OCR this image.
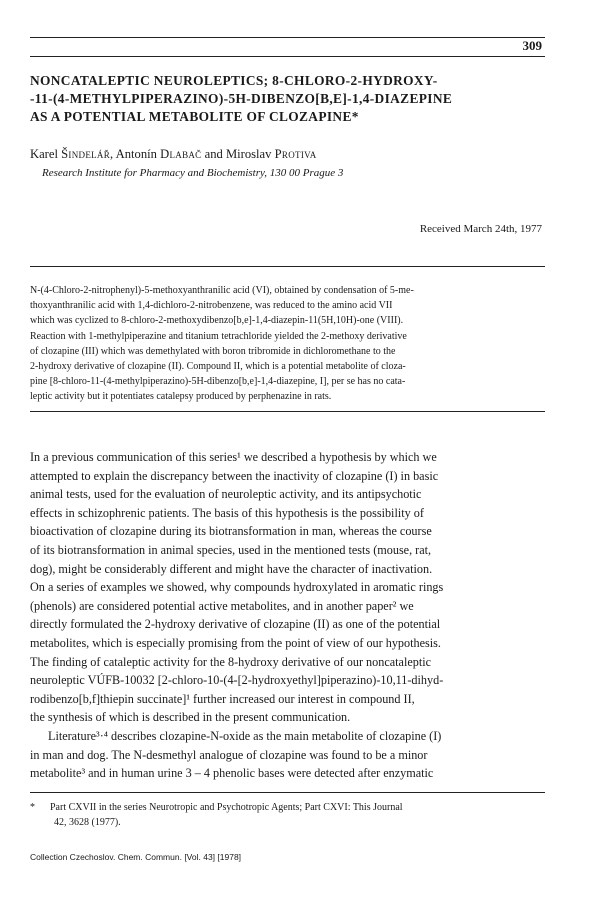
309
NONCATALEPTIC NEUROLEPTICS; 8-CHLORO-2-HYDROXY-
-11-(4-METHYLPIPERAZINO)-5H-DIBENZO[B,E]-1,4-DIAZEPINE
AS A POTENTIAL METABOLITE OF CLOZAPINE*
Karel Šindelář, Antonín Dlabač and Miroslav Protiva
Research Institute for Pharmacy and Biochemistry, 130 00 Prague 3
Received March 24th, 1977
N-(4-Chloro-2-nitrophenyl)-5-methoxyanthranilic acid (VI), obtained by condensation of 5-me-
thoxyanthranilic acid with 1,4-dichloro-2-nitrobenzene, was reduced to the amino acid VII
which was cyclized to 8-chloro-2-methoxydibenzo[b,e]-1,4-diazepin-11(5H,10H)-one (VIII).
Reaction with 1-methylpiperazine and titanium tetrachloride yielded the 2-methoxy derivative
of clozapine (III) which was demethylated with boron tribromide in dichloromethane to the
2-hydroxy derivative of clozapine (II). Compound II, which is a potential metabolite of cloza-
pine [8-chloro-11-(4-methylpiperazino)-5H-dibenzo[b,e]-1,4-diazepine, I], per se has no cata-
leptic activity but it potentiates catalepsy produced by perphenazine in rats.
In a previous communication of this series¹ we described a hypothesis by which we
attempted to explain the discrepancy between the inactivity of clozapine (I) in basic
animal tests, used for the evaluation of neuroleptic activity, and its antipsychotic
effects in schizophrenic patients. The basis of this hypothesis is the possibility of
bioactivation of clozapine during its biotransformation in man, whereas the course
of its biotransformation in animal species, used in the mentioned tests (mouse, rat,
dog), might be considerably different and might have the character of inactivation.
On a series of examples we showed, why compounds hydroxylated in aromatic rings
(phenols) are considered potential active metabolites, and in another paper² we
directly formulated the 2-hydroxy derivative of clozapine (II) as one of the potential
metabolites, which is especially promising from the point of view of our hypothesis.
The finding of cataleptic activity for the 8-hydroxy derivative of our noncataleptic
neuroleptic VÚFB-10032 [2-chloro-10-(4-[2-hydroxyethyl]piperazino)-10,11-dihyd-
rodibenzo[b,f]thiepin succinate]¹ further increased our interest in compound II,
the synthesis of which is described in the present communication.
Literature³·⁴ describes clozapine-N-oxide as the main metabolite of clozapine (I)
in man and dog. The N-desmethyl analogue of clozapine was found to be a minor
metabolite³ and in human urine 3 – 4 phenolic bases were detected after enzymatic
*      Part CXVII in the series Neurotropic and Psychotropic Agents; Part CXVI: This Journal
42, 3628 (1977).
Collection Czechoslov. Chem. Commun. [Vol. 43] [1978]
